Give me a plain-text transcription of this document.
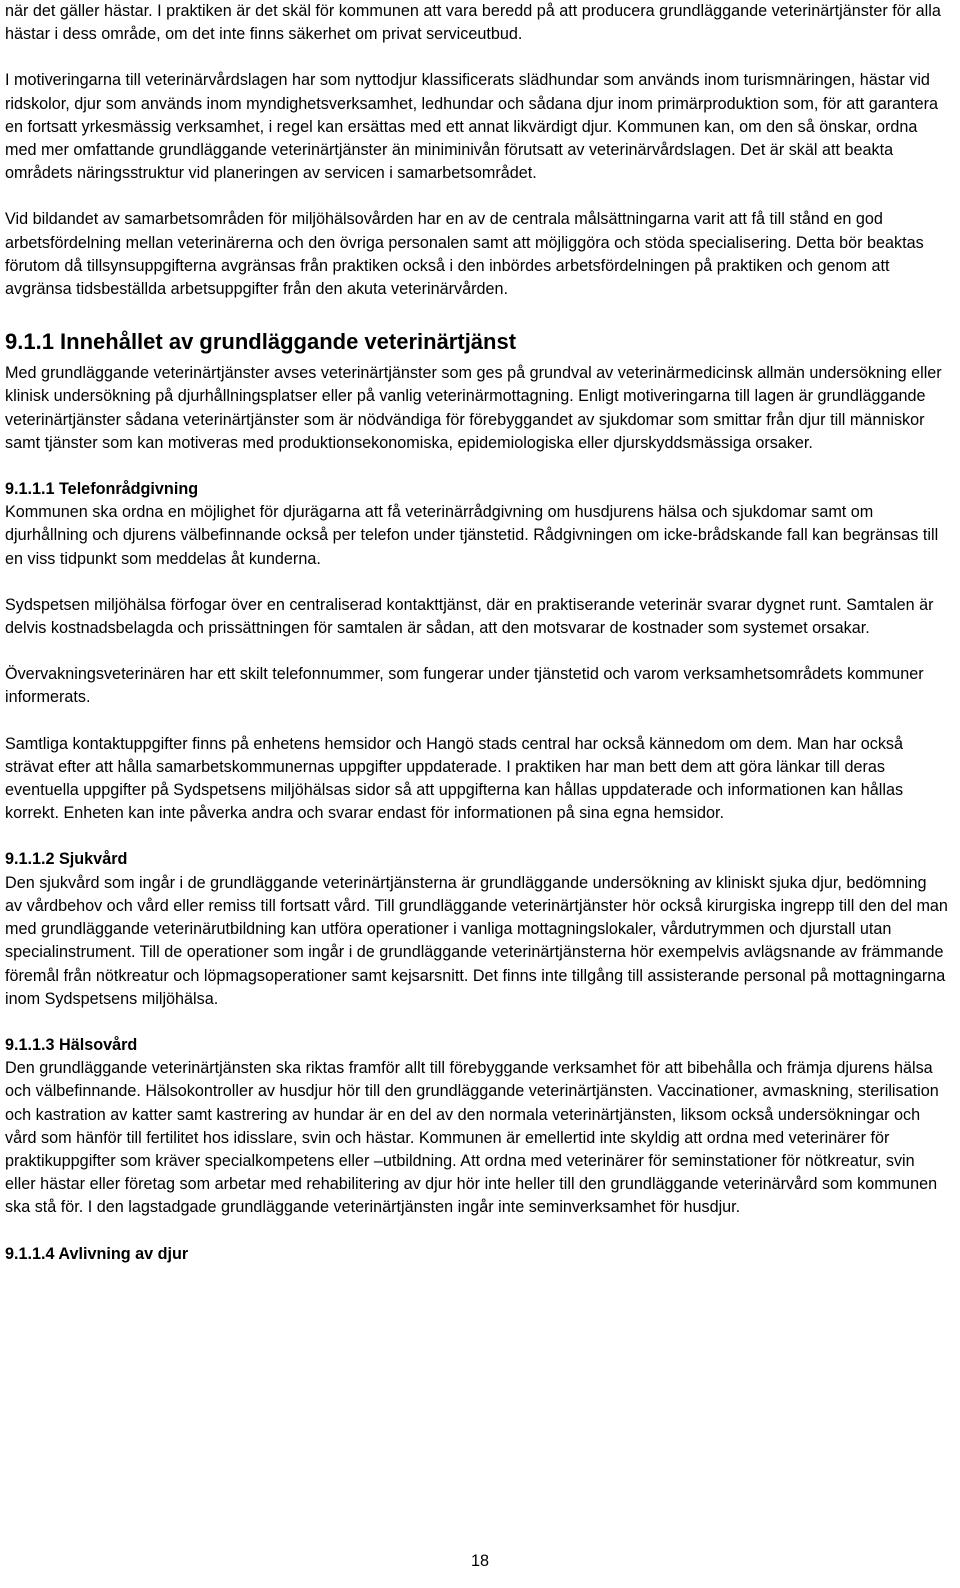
när det gäller hästar. I praktiken är det skäl för kommunen att vara beredd på att producera grundläggande veterinärtjänster för alla hästar i dess område, om det inte finns säkerhet om privat serviceutbud.

I motiveringarna till veterinärvårdslagen har som nyttodjur klassificerats slädhundar som används inom turismnäringen, hästar vid ridskolor, djur som används inom myndighetsverksamhet, ledhundar och sådana djur inom primärproduktion som, för att garantera en fortsatt yrkesmässig verksamhet, i regel kan ersättas med ett annat likvärdigt djur. Kommunen kan, om den så önskar, ordna med mer omfattande grundläggande veterinärtjänster än miniminivån förutsatt av veterinärvårdslagen. Det är skäl att beakta områdets näringsstruktur vid planeringen av servicen i samarbetsområdet.

Vid bildandet av samarbetsområden för miljöhälsovården har en av de centrala målsättningarna varit att få till stånd en god arbetsfördelning mellan veterinärerna och den övriga personalen samt att möjliggöra och stöda specialisering. Detta bör beaktas förutom då tillsynsuppgifterna avgränsas från praktiken också i den inbördes arbetsfördelningen på praktiken och genom att avgränsa tidsbeställda arbetsuppgifter från den akuta veterinärvården.

9.1.1 Innehållet av grundläggande veterinärtjänst

Med grundläggande veterinärtjänster avses veterinärtjänster som ges på grundval av veterinärmedicinsk allmän undersökning eller klinisk undersökning på djurhållningsplatser eller på vanlig veterinärmottagning. Enligt motiveringarna till lagen är grundläggande veterinärtjänster sådana veterinärtjänster som är nödvändiga för förebyggandet av sjukdomar som smittar från djur till människor samt tjänster som kan motiveras med produktionsekonomiska, epidemiologiska eller djurskyddsmässiga orsaker.

9.1.1.1 Telefonrådgivning

Kommunen ska ordna en möjlighet för djurägarna att få veterinärrådgivning om husdjurens hälsa och sjukdomar samt om djurhållning och djurens välbefinnande också per telefon under tjänstetid. Rådgivningen om icke-brådskande fall kan begränsas till en viss tidpunkt som meddelas åt kunderna.

Sydspetsen miljöhälsa förfogar över en centraliserad kontakttjänst, där en praktiserande veterinär svarar dygnet runt. Samtalen är delvis kostnadsbelagda och prissättningen för samtalen är sådan, att den motsvarar de kostnader som systemet orsakar.

Övervakningsveterinären har ett skilt telefonnummer, som fungerar under tjänstetid och varom verksamhetsområdets kommuner informerats.

Samtliga kontaktuppgifter finns på enhetens hemsidor och Hangö stads central har också kännedom om dem. Man har också strävat efter att hålla samarbetskommunernas uppgifter uppdaterade. I praktiken har man bett dem att göra länkar till deras eventuella uppgifter på Sydspetsens miljöhälsas sidor så att uppgifterna kan hållas uppdaterade och informationen kan hållas korrekt. Enheten kan inte påverka andra och svarar endast för informationen på sina egna hemsidor.

9.1.1.2 Sjukvård

Den sjukvård som ingår i de grundläggande veterinärtjänsterna är grundläggande undersökning av kliniskt sjuka djur, bedömning av vårdbehov och vård eller remiss till fortsatt vård. Till grundläggande veterinärtjänster hör också kirurgiska ingrepp till den del man med grundläggande veterinärutbildning kan utföra operationer i vanliga mottagningslokaler, vårdutrymmen och djurstall utan specialinstrument. Till de operationer som ingår i de grundläggande veterinärtjänsterna hör exempelvis avlägsnande av främmande föremål från nötkreatur och löpmagsoperationer samt kejsarsnitt. Det finns inte tillgång till assisterande personal på mottagningarna inom Sydspetsens miljöhälsa.

9.1.1.3 Hälsovård

Den grundläggande veterinärtjänsten ska riktas framför allt till förebyggande verksamhet för att bibehålla och främja djurens hälsa och välbefinnande. Hälsokontroller av husdjur hör till den grundläggande veterinärtjänsten. Vaccinationer, avmaskning, sterilisation och kastration av katter samt kastrering av hundar är en del av den normala veterinärtjänsten, liksom också undersökningar och vård som hänför till fertilitet hos idisslare, svin och hästar. Kommunen är emellertid inte skyldig att ordna med veterinärer för praktikuppgifter som kräver specialkompetens eller –utbildning. Att ordna med veterinärer för seminstationer för nötkreatur, svin eller hästar eller företag som arbetar med rehabilitering av djur hör inte heller till den grundläggande veterinärvård som kommunen ska stå för. I den lagstadgade grundläggande veterinärtjänsten ingår inte seminverksamhet för husdjur.

9.1.1.4 Avlivning av djur
18
